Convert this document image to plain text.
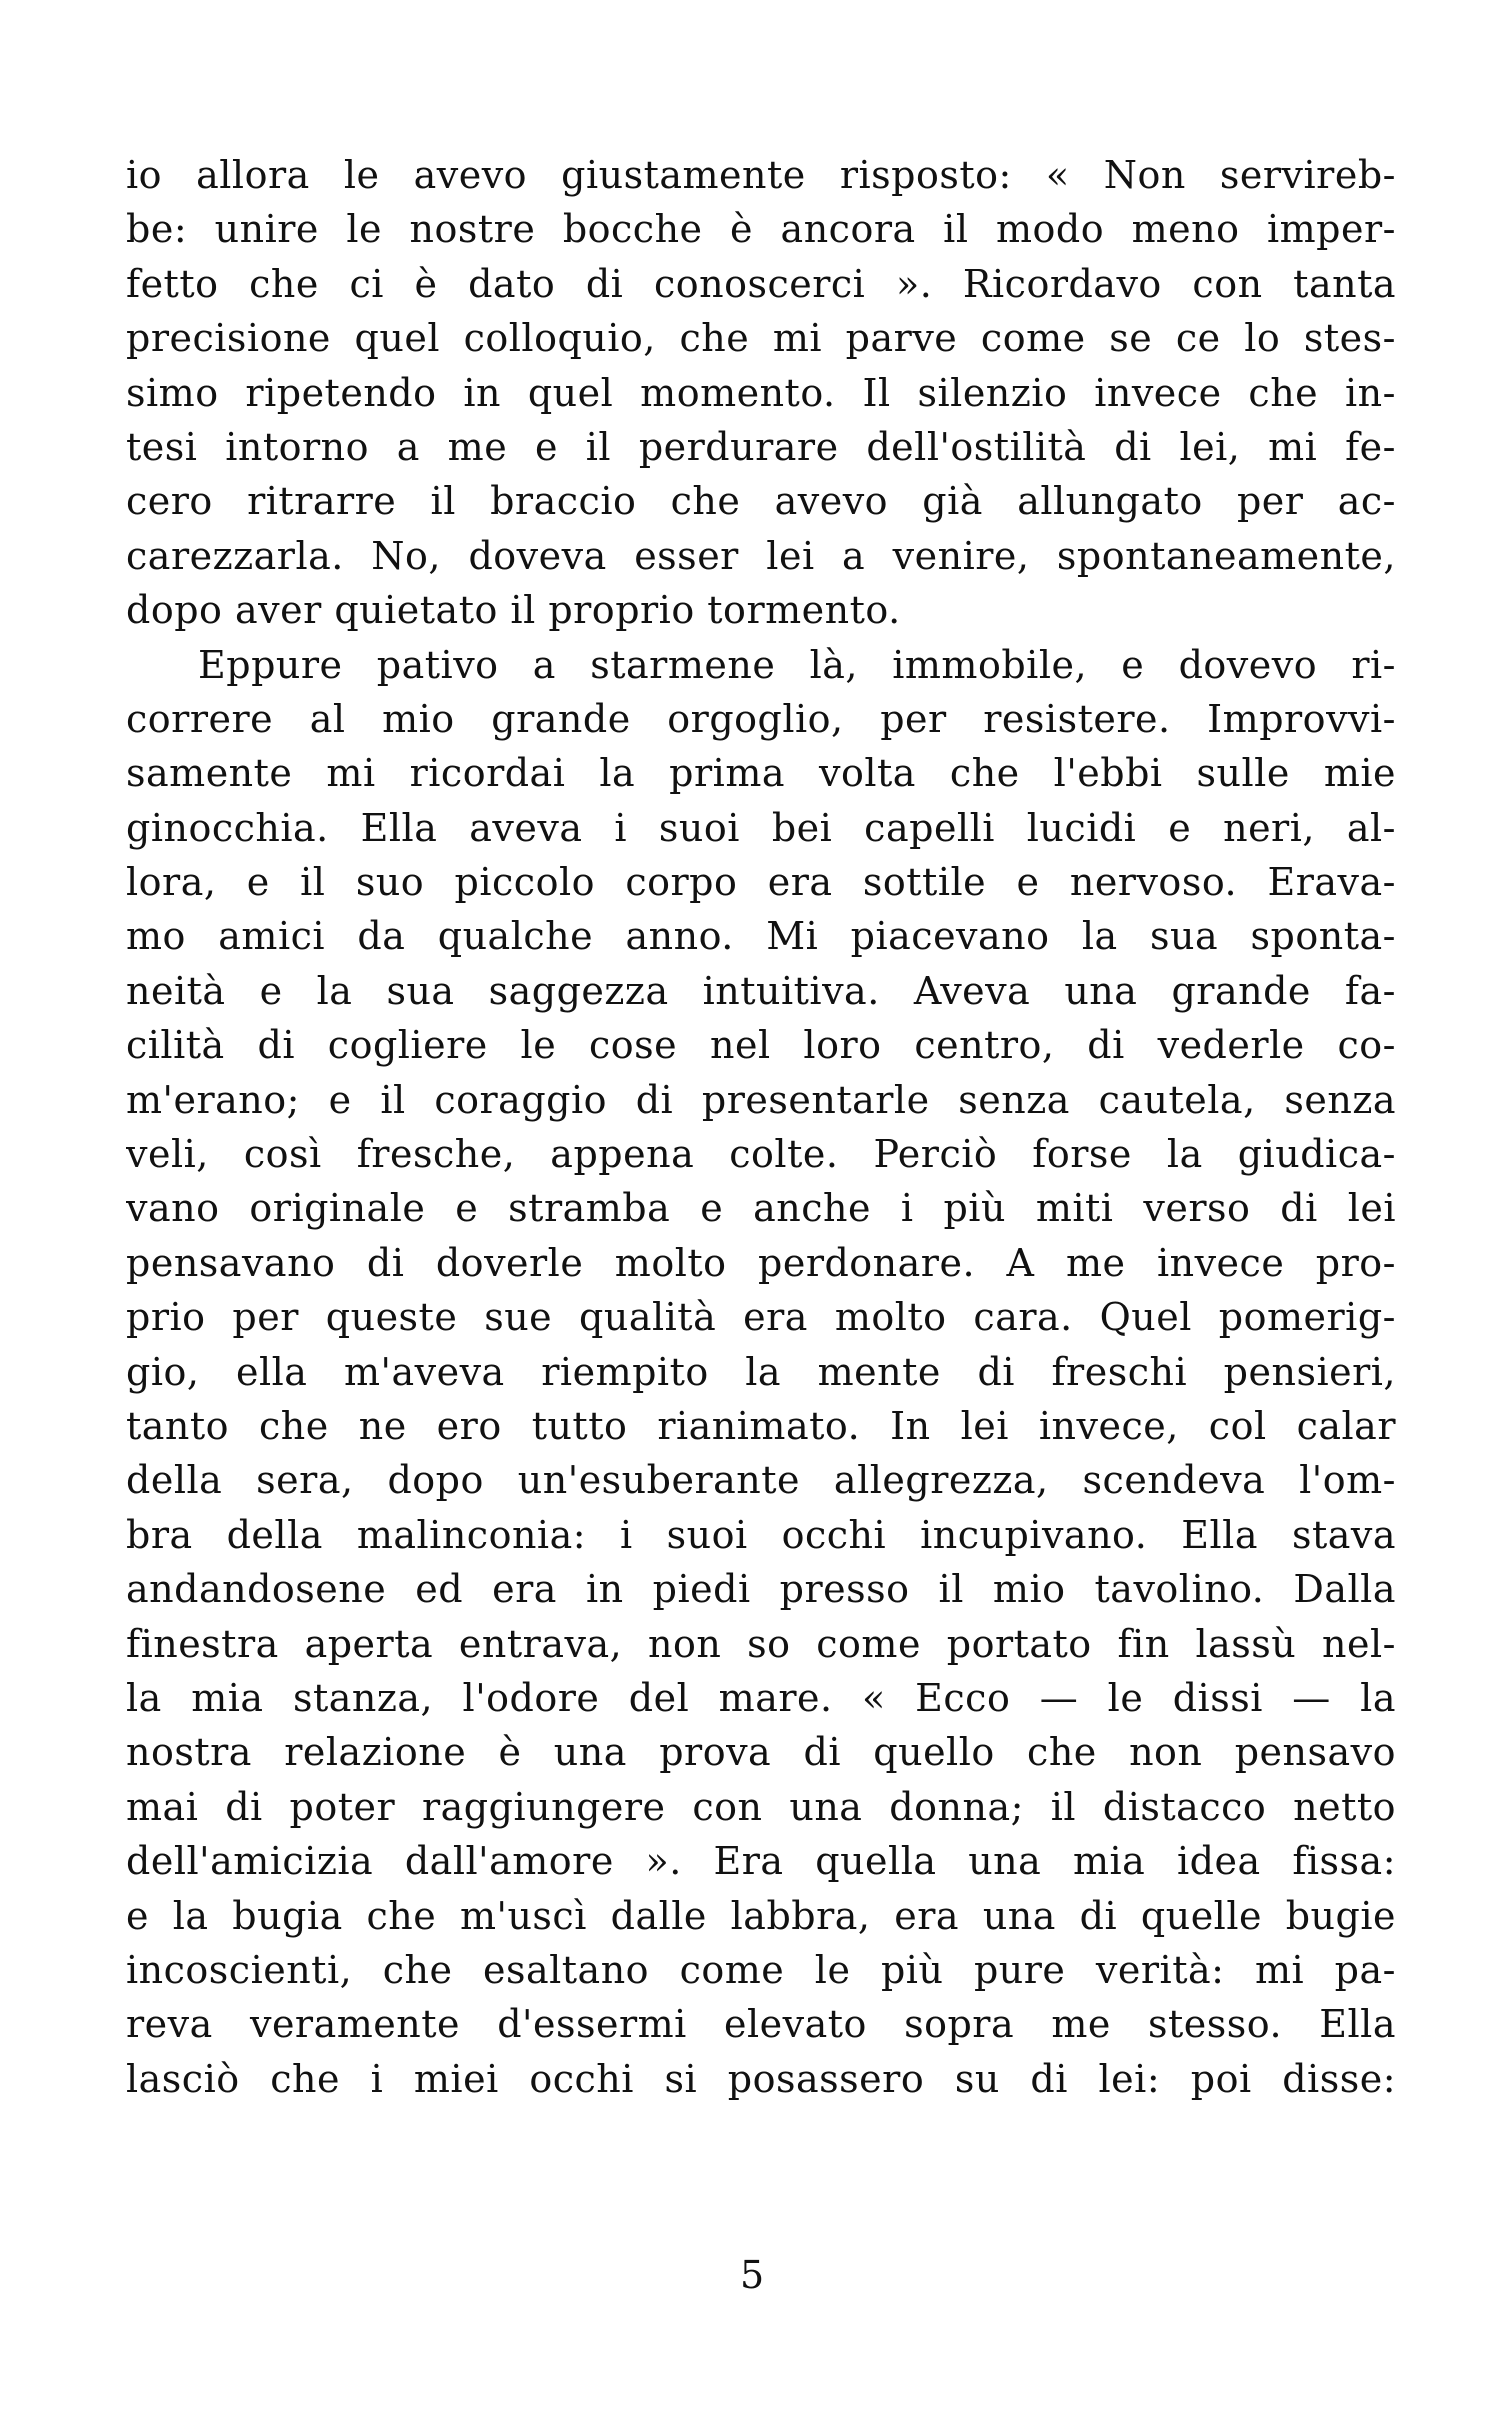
io allora le avevo giustamente risposto: « Non servireb-
be: unire le nostre bocche è ancora il modo meno imper-
fetto che ci è dato di conoscerci ». Ricordavo con tanta
precisione quel colloquio, che mi parve come se ce lo stes-
simo ripetendo in quel momento. Il silenzio invece che in-
tesi intorno a me e il perdurare dell'ostilità di lei, mi fe-
cero ritrarre il braccio che avevo già allungato per ac-
carezzarla. No, doveva esser lei a venire, spontaneamente,
dopo aver quietato il proprio tormento.
Eppure pativo a starmene là, immobile, e dovevo ri-
correre al mio grande orgoglio, per resistere. Improvvi-
samente mi ricordai la prima volta che l'ebbi sulle mie
ginocchia. Ella aveva i suoi bei capelli lucidi e neri, al-
lora, e il suo piccolo corpo era sottile e nervoso. Erava-
mo amici da qualche anno. Mi piacevano la sua sponta-
neità e la sua saggezza intuitiva. Aveva una grande fa-
cilità di cogliere le cose nel loro centro, di vederle co-
m'erano; e il coraggio di presentarle senza cautela, senza
veli, così fresche, appena colte. Perciò forse la giudica-
vano originale e stramba e anche i più miti verso di lei
pensavano di doverle molto perdonare. A me invece pro-
prio per queste sue qualità era molto cara. Quel pomerig-
gio, ella m'aveva riempito la mente di freschi pensieri,
tanto che ne ero tutto rianimato. In lei invece, col calar
della sera, dopo un'esuberante allegrezza, scendeva l'om-
bra della malinconia: i suoi occhi incupivano. Ella stava
andandosene ed era in piedi presso il mio tavolino. Dalla
finestra aperta entrava, non so come portato fin lassù nel-
la mia stanza, l'odore del mare. « Ecco — le dissi — la
nostra relazione è una prova di quello che non pensavo
mai di poter raggiungere con una donna; il distacco netto
dell'amicizia dall'amore ». Era quella una mia idea fissa:
e la bugia che m'uscì dalle labbra, era una di quelle bugie
incoscienti, che esaltano come le più pure verità: mi pa-
reva veramente d'essermi elevato sopra me stesso. Ella
lasciò che i miei occhi si posassero su di lei: poi disse:
5
